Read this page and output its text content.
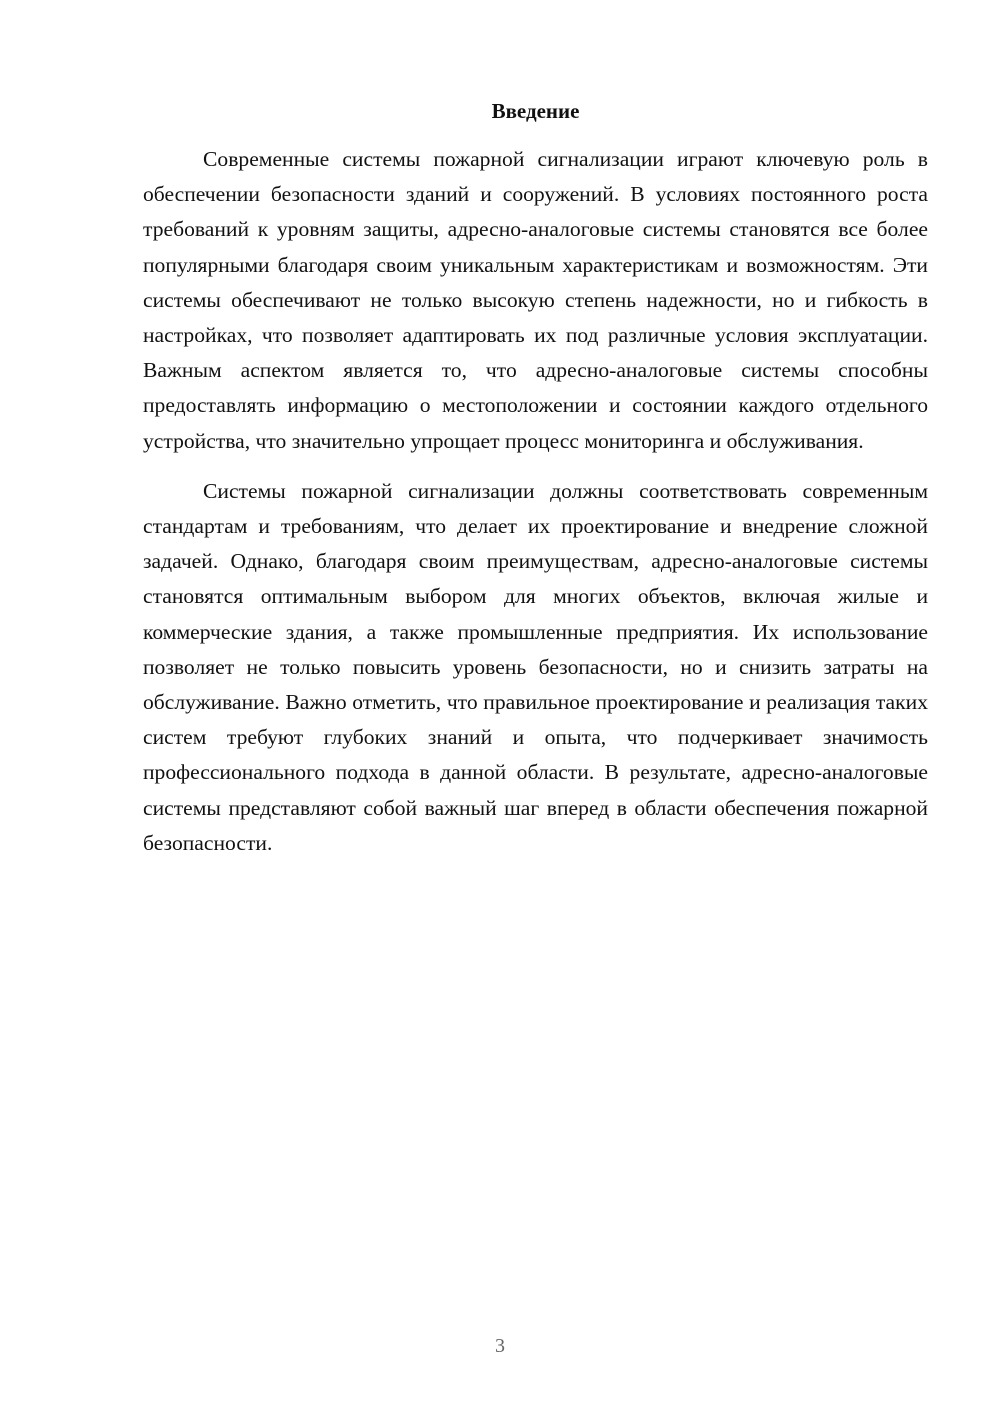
Введение

Современные системы пожарной сигнализации играют ключевую роль в обеспечении безопасности зданий и сооружений. В условиях постоянного роста требований к уровням защиты, адресно-аналоговые системы становятся все более популярными благодаря своим уникальным характеристикам и возможностям. Эти системы обеспечивают не только высокую степень надежности, но и гибкость в настройках, что позволяет адаптировать их под различные условия эксплуатации. Важным аспектом является то, что адресно-аналоговые системы способны предоставлять информацию о местоположении и состоянии каждого отдельного устройства, что значительно упрощает процесс мониторинга и обслуживания.

Системы пожарной сигнализации должны соответствовать современным стандартам и требованиям, что делает их проектирование и внедрение сложной задачей. Однако, благодаря своим преимуществам, адресно-аналоговые системы становятся оптимальным выбором для многих объектов, включая жилые и коммерческие здания, а также промышленные предприятия. Их использование позволяет не только повысить уровень безопасности, но и снизить затраты на обслуживание. Важно отметить, что правильное проектирование и реализация таких систем требуют глубоких знаний и опыта, что подчеркивает значимость профессионального подхода в данной области. В результате, адресно-аналоговые системы представляют собой важный шаг вперед в области обеспечения пожарной безопасности.

3
